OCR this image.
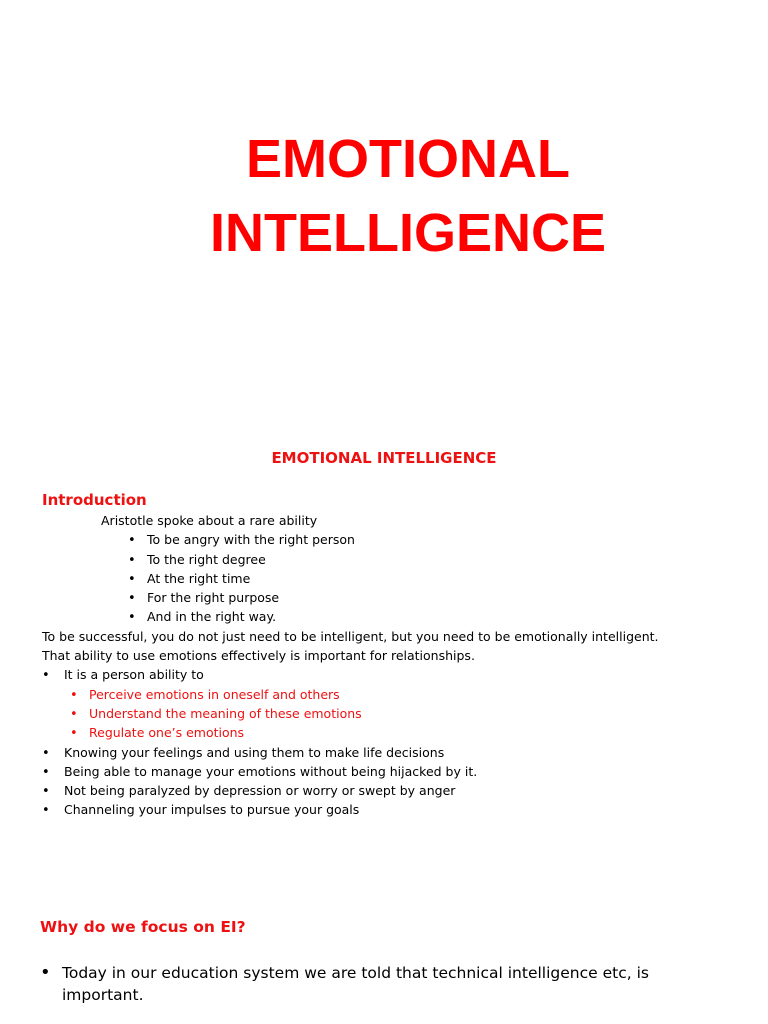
EMOTIONAL
INTELLIGENCE
EMOTIONAL INTELLIGENCE
Introduction
Aristotle spoke about a rare ability
• To be angry with the right person
• To the right degree
• At the right time
• For the right purpose
• And in the right way.
To be successful, you do not just need to be intelligent, but you need to be emotionally intelligent.
That ability to use emotions effectively is important for relationships.
•	It is a person ability to
• Perceive emotions in oneself and others
• Understand the meaning of these emotions
• Regulate one’s emotions
•	Knowing your feelings and using them to make life decisions
•	Being able to manage your emotions without being hijacked by it.
•	Not being paralyzed by depression or worry or swept by anger
•	Channeling your impulses to pursue your goals
Why do we focus on EI?
• Today in our education system we are told that technical intelligence etc, is important.
